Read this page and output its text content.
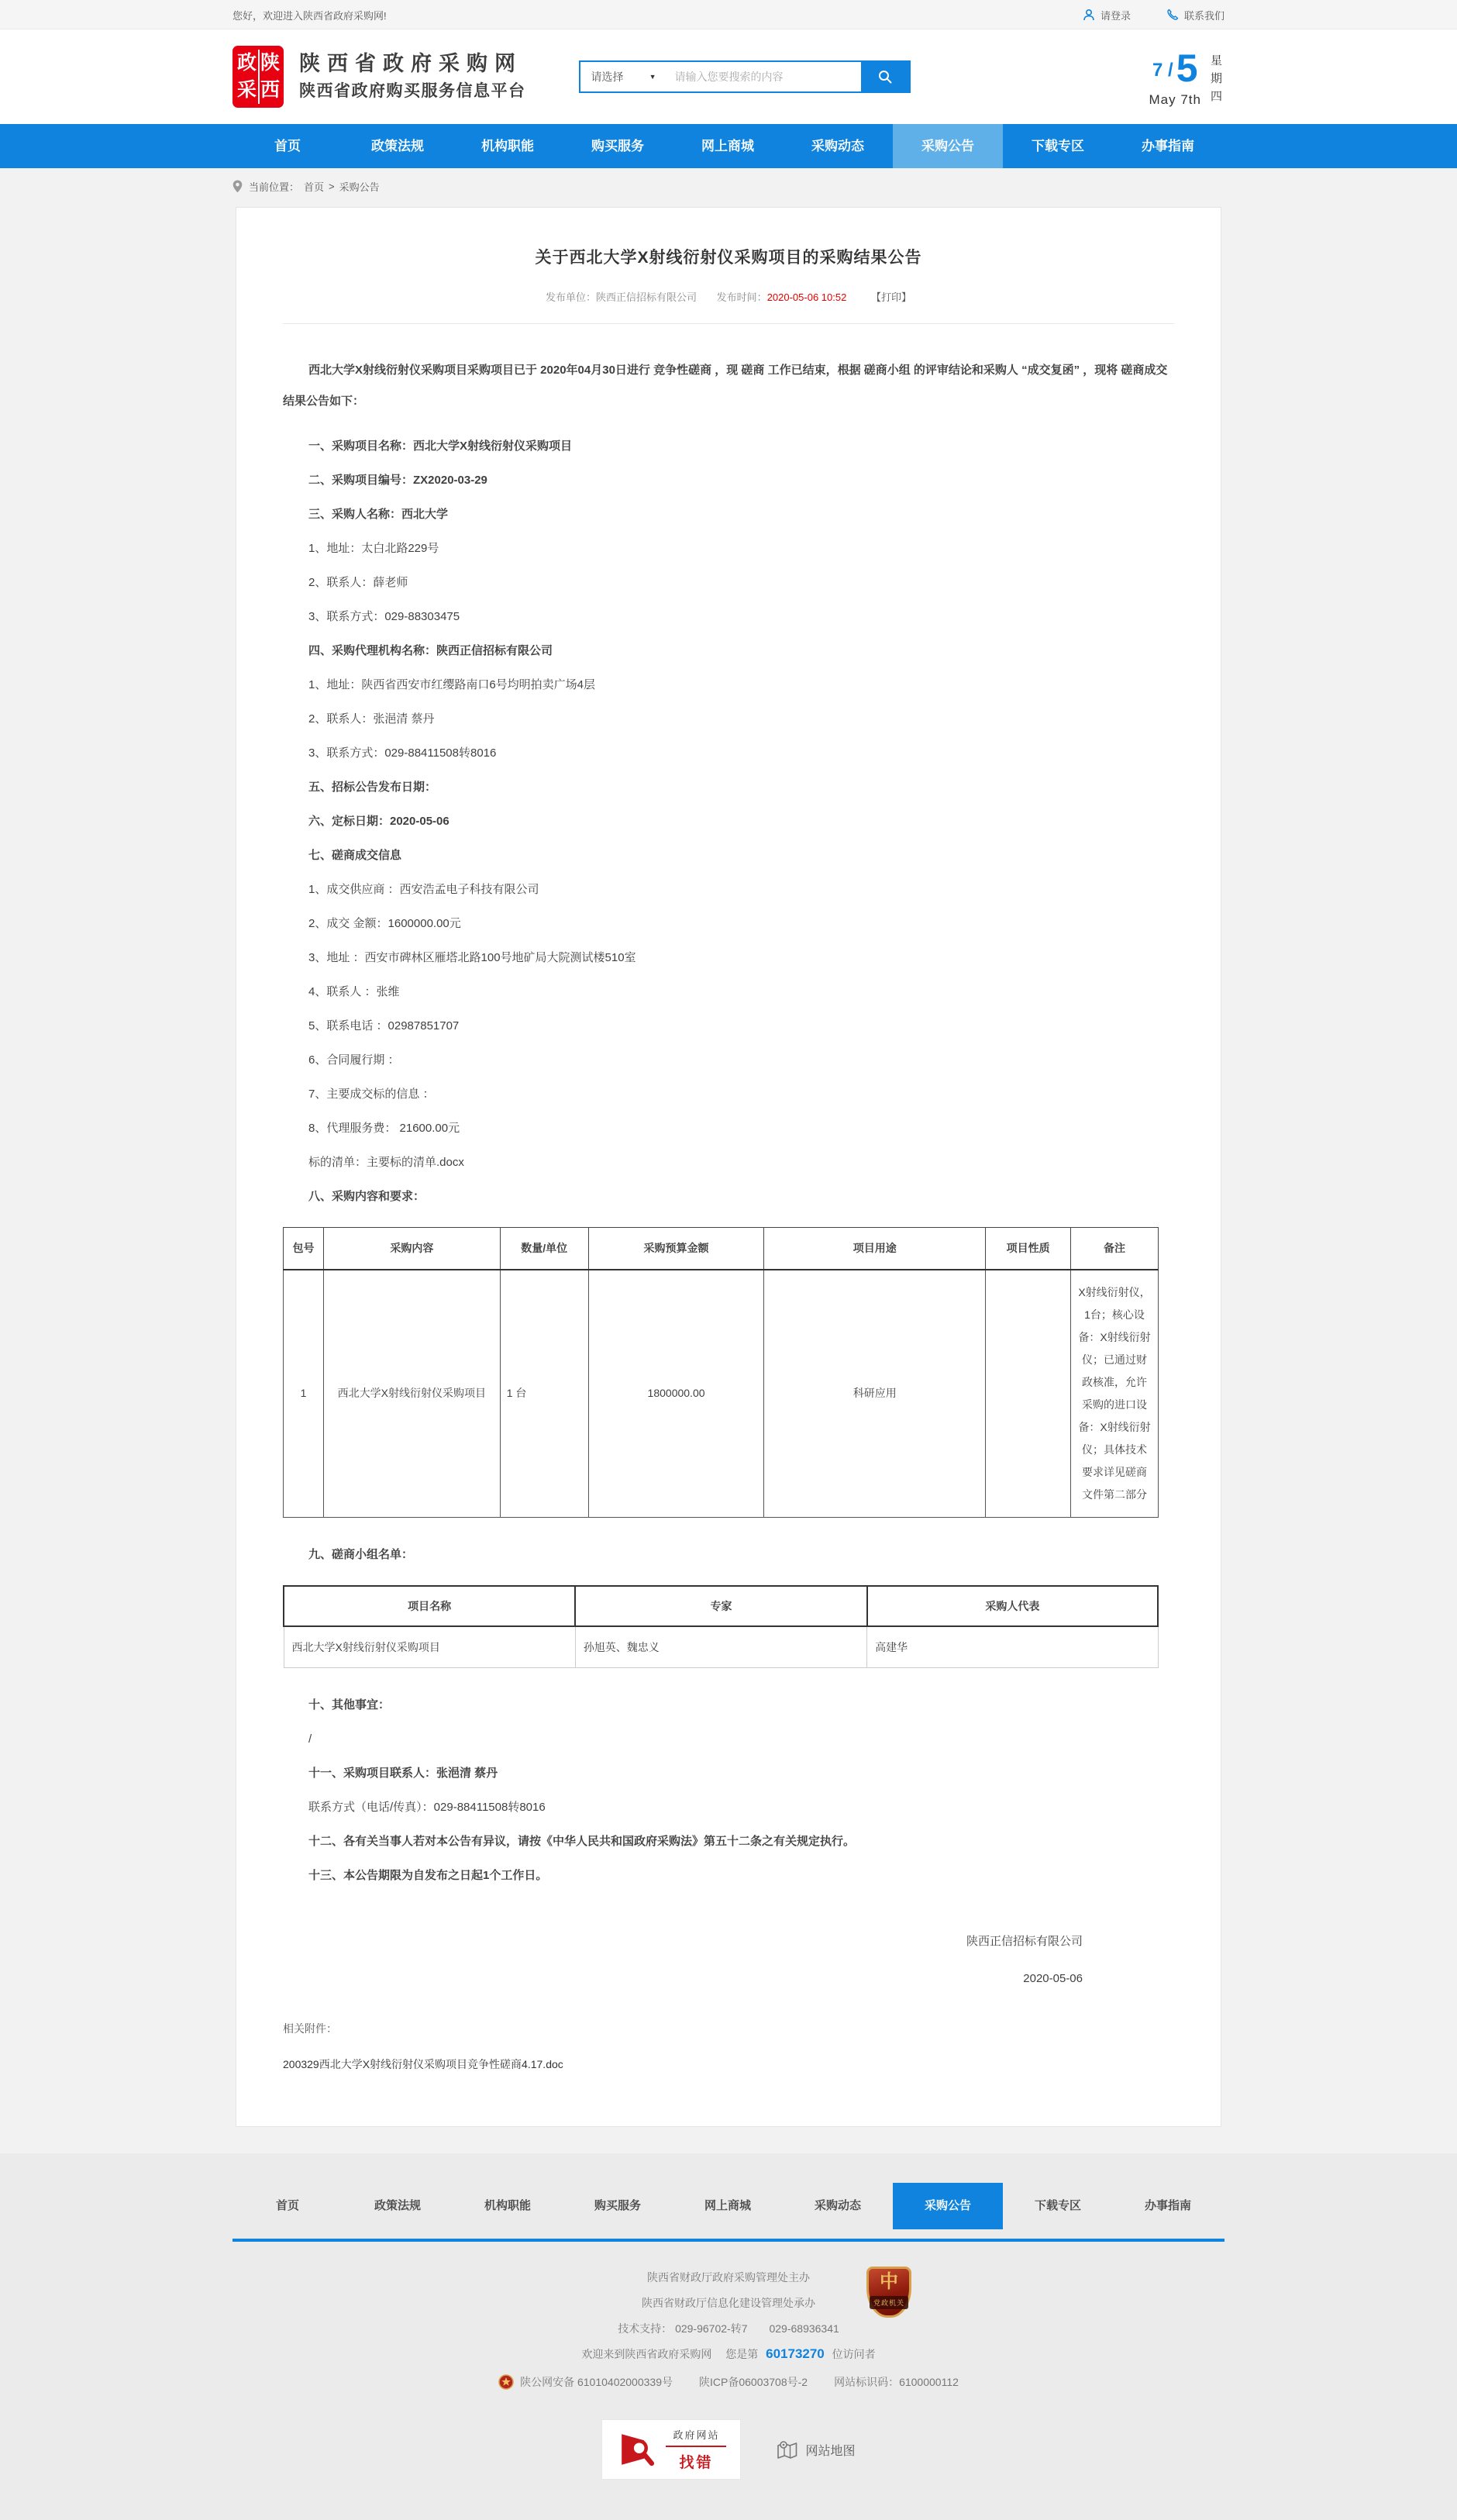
您好，欢迎进入陕西省政府采购网!	请登录	联系我们
政 陕
采 西
陕西省政府采购网
陕西省政府购买服务信息平台
请选择	▼
请输入您要搜索的内容	7 / 5
May 7th
星期四
首页	政策法规	机构职能	购买服务	网上商城	采购动态	采购公告	下载专区	办事指南
当前位置： 首页 > 采购公告
关于西北大学X射线衍射仪采购项目的采购结果公告
发布单位：陕西正信招标有限公司 发布时间：2020-05-06 10:52 【打印】

西北大学X射线衍射仪采购项目采购项目已于 2020年04月30日进行 竞争性磋商 ，现 磋商 工作已结束，根据 磋商小组 的评审结论和采购人 “成交复函” ，现将 磋商成交 结果公告如下：

一、采购项目名称：西北大学X射线衍射仪采购项目

二、采购项目编号：ZX2020-03-29

三、采购人名称：西北大学

1、地址：太白北路229号

2、联系人：薛老师

3、联系方式：029-88303475

四、采购代理机构名称：陕西正信招标有限公司

1、地址：陕西省西安市红缨路南口6号均明拍卖广场4层

2、联系人：张浥清 蔡丹

3、联系方式：029-88411508转8016

五、招标公告发布日期：

六、定标日期：2020-05-06

七、磋商成交信息

1、成交供应商 ：西安浩孟电子科技有限公司

2、成交 金额：1600000.00元

3、地址 ：西安市碑林区雁塔北路100号地矿局大院测试楼510室

4、联系人 ：张维

5、联系电话 ：02987851707

6、合同履行期 ：

7、主要成交标的信息 ：

8、代理服务费： 21600.00元

标的清单：主要标的清单.docx

八、采购内容和要求：

包号	采购内容	数量/单位	采购预算金额	项目用途	项目性质	备注
1	西北大学X射线衍射仪采购项目	1 台	1800000.00	科研应用		X射线衍射仪，1台；核心设备：X射线衍射仪；已通过财政核准，允许采购的进口设备：X射线衍射仪；具体技术要求详见磋商文件第二部分

九、磋商小组名单：

项目名称	专家	采购人代表
西北大学X射线衍射仪采购项目	孙旭英、魏忠义	高建华

十、其他事宜：

/

十一、采购项目联系人：张浥清 蔡丹

联系方式（电话/传真）：029-88411508转8016

十二、各有关当事人若对本公告有异议，请按《中华人民共和国政府采购法》第五十二条之有关规定执行。

十三、本公告期限为自发布之日起1个工作日。

陕西正信招标有限公司
2020-05-06
相关附件：
200329西北大学X射线衍射仪采购项目竞争性磋商4.17.doc
首页	政策法规	机构职能	购买服务	网上商城	采购动态	采购公告	下载专区	办事指南
中
党政机关

陕西省财政厅政府采购管理处主办

陕西省财政厅信息化建设管理处承办

技术支持： 029-96702-转7　　029-68936341

欢迎来到陕西省政府采购网　 您是第 60173270 位访问者

陕公网安备 61010402000339号 陕ICP备06003708号-2 网站标识码：6100000112
政府网站
找错
网站地图
